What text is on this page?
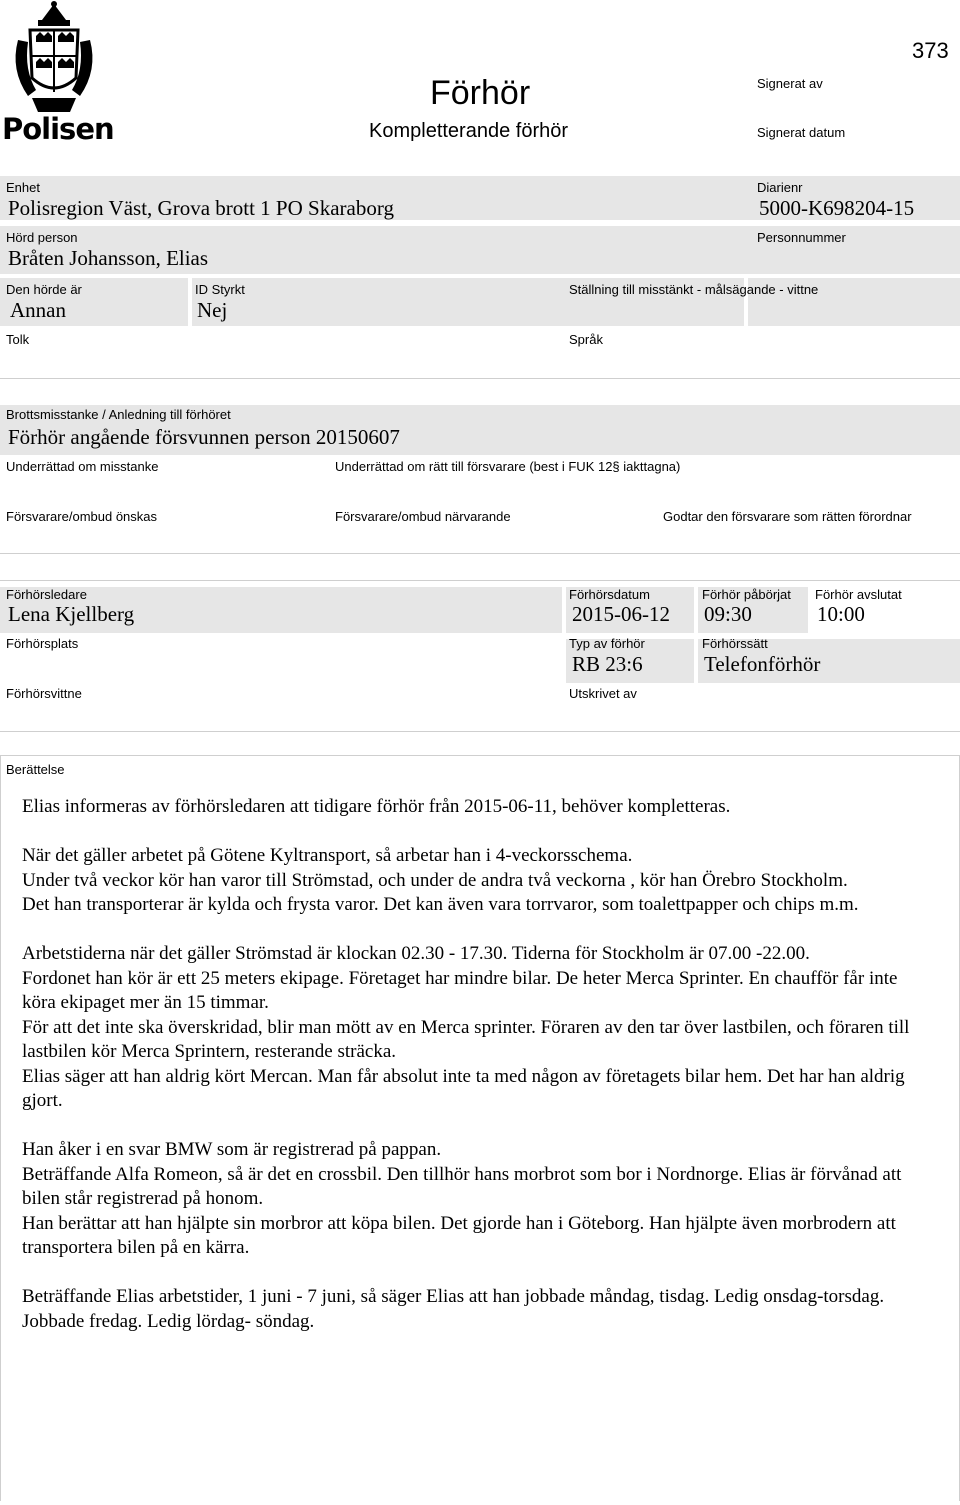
Polisen
373
Förhör
Kompletterande förhör
Signerat av
Signerat datum
Enhet
Polisregion Väst, Grova brott 1 PO Skaraborg
Diarienr
5000-K698204-15
Hörd person
Bråten Johansson, Elias
Personnummer
Den hörde är
Annan
ID Styrkt
Nej
Ställning till misstänkt - målsägande - vittne
Tolk	Språk
Brottsmisstanke / Anledning till förhöret
Förhör angående försvunnen person 20150607
Underrättad om misstanke	Underrättad om rätt till försvarare (best i FUK 12§ iakttagna)
Försvarare/ombud önskas	Försvarare/ombud närvarande	Godtar den försvarare som rätten förordnar
Förhörsledare
Lena Kjellberg
Förhörsdatum
2015-06-12
Förhör påbörjat
09:30
Förhör avslutat
10:00
Förhörsplats	Typ av förhör
RB 23:6
Förhörssätt
Telefonförhör
Förhörsvittne	Utskrivet av
Berättelse

Elias informeras av förhörsledaren att tidigare förhör från 2015-06-11, behöver kompletteras.

När det gäller arbetet på Götene Kyltransport, så arbetar han i 4-veckorsschema.
Under två veckor kör han varor till Strömstad, och under de andra två veckorna , kör han Örebro Stockholm.
Det han transporterar är kylda och frysta varor. Det kan även vara torrvaror, som toalettpapper och chips m.m.

Arbetstiderna när det gäller Strömstad är klockan 02.30 - 17.30. Tiderna för Stockholm är 07.00 -22.00.
Fordonet han kör är ett 25 meters ekipage. Företaget har mindre bilar. De heter Merca Sprinter. En chaufför får inte köra ekipaget mer än 15 timmar.
För att det inte ska överskridad, blir man mött av en Merca sprinter. Föraren av den tar över lastbilen, och föraren till lastbilen kör Merca Sprintern, resterande sträcka.
Elias säger att han aldrig kört Mercan. Man får absolut inte ta med någon av företagets bilar hem. Det har han aldrig gjort.

Han åker i en svar BMW som är registrerad på pappan.
Beträffande Alfa Romeon, så är det en crossbil. Den tillhör hans morbrot som bor i Nordnorge. Elias är förvånad att bilen står registrerad på honom.
Han berättar att han hjälpte sin morbror att köpa bilen. Det gjorde han i Göteborg. Han hjälpte även morbrodern att transportera bilen på en kärra.

Beträffande Elias arbetstider, 1 juni - 7 juni, så säger Elias att han jobbade måndag, tisdag. Ledig onsdag-torsdag. Jobbade fredag. Ledig lördag- söndag.
